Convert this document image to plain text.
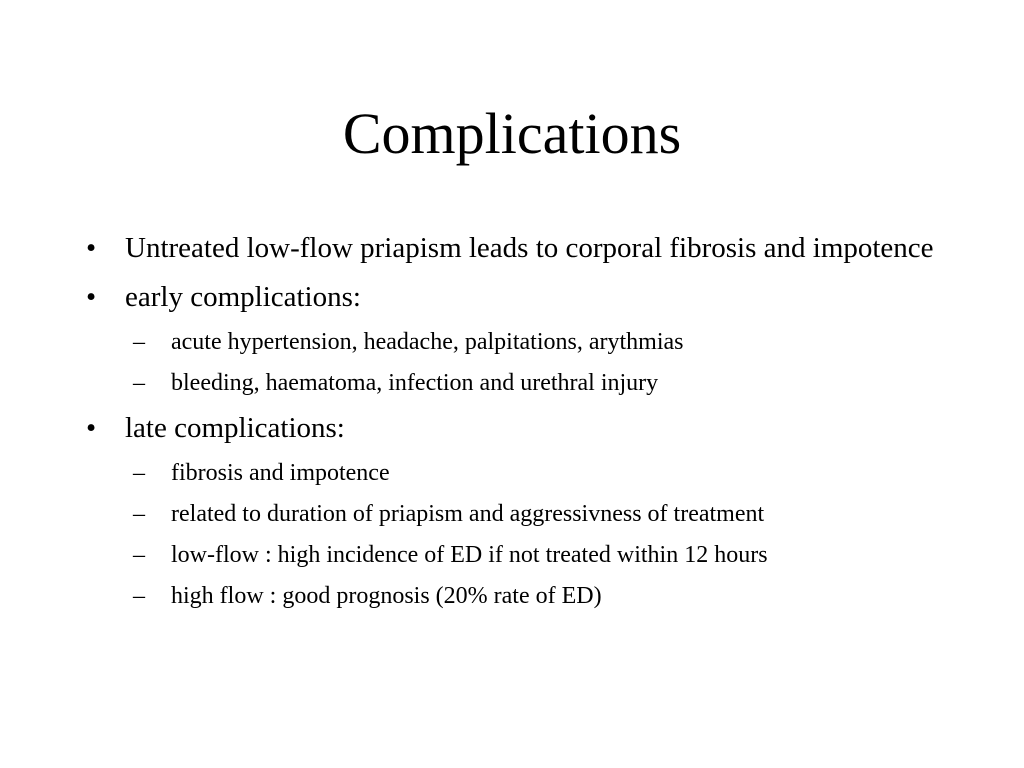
Complications
• Untreated low-flow priapism leads to corporal fibrosis and impotence
• early complications:
– acute hypertension, headache, palpitations, arythmias
– bleeding, haematoma, infection and urethral injury
• late complications:
– fibrosis and impotence
– related to duration of priapism and aggressivness of treatment
– low-flow : high incidence of ED if not treated within 12 hours
– high flow : good prognosis (20% rate of ED)
